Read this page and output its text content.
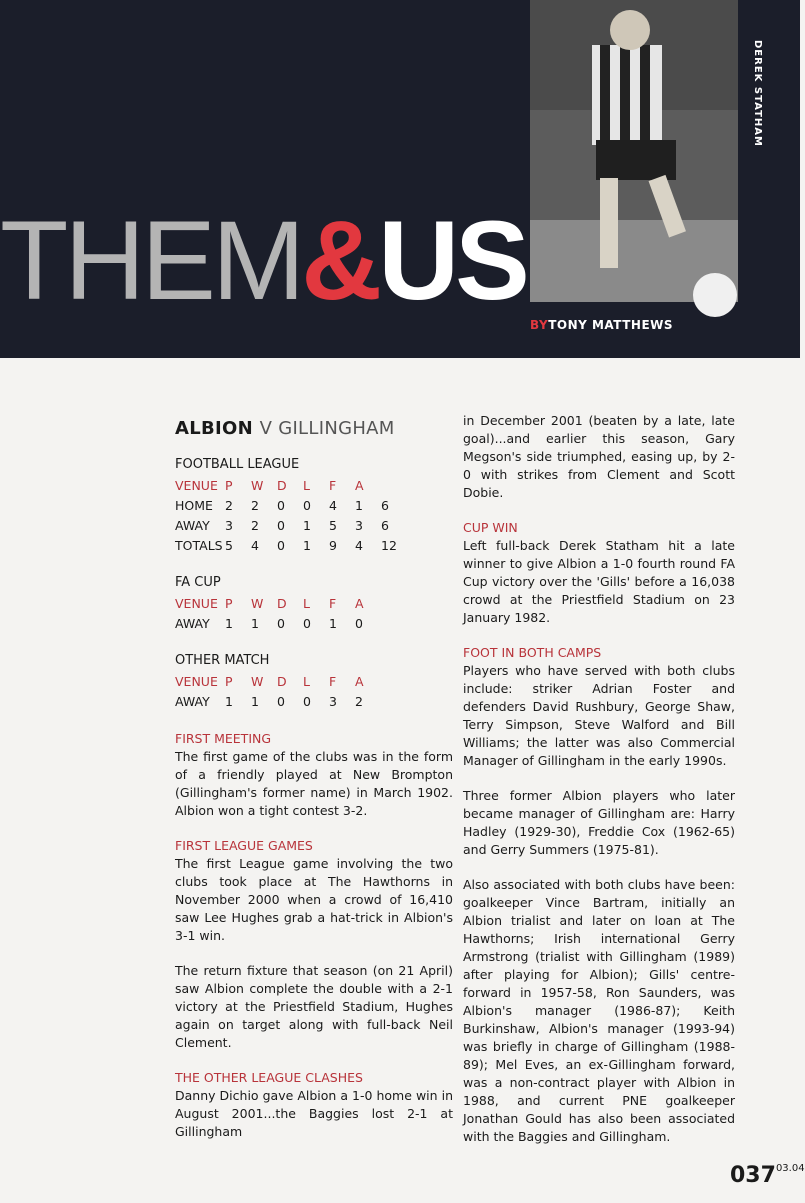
DEREK STATHAM
THEM&US
BYTONY MATTHEWS
ALBION V GILLINGHAM
FOOTBALL LEAGUE
VENUE	P	W	D	L	F	A	
HOME	2	2	0	0	4	1	6
AWAY	3	2	0	1	5	3	6
TOTALS	5	4	0	1	9	4	12
FA CUP
VENUE	P	W	D	L	F	A
AWAY	1	1	0	0	1	0
OTHER MATCH
VENUE	P	W	D	L	F	A
AWAY	1	1	0	0	3	2
FIRST MEETING

The first game of the clubs was in the form of a friendly played at New Brompton (Gillingham's former name) in March 1902. Albion won a tight contest 3-2.

FIRST LEAGUE GAMES

The first League game involving the two clubs took place at The Hawthorns in November 2000 when a crowd of 16,410 saw Lee Hughes grab a hat-trick in Albion's 3-1 win.

The return fixture that season (on 21 April) saw Albion complete the double with a 2-1 victory at the Priestfield Stadium, Hughes again on target along with full-back Neil Clement.

THE OTHER LEAGUE CLASHES

Danny Dichio gave Albion a 1-0 home win in August 2001...the Baggies lost 2-1 at Gillingham

in December 2001 (beaten by a late, late goal)...and earlier this season, Gary Megson's side triumphed, easing up, by 2-0 with strikes from Clement and Scott Dobie.

CUP WIN

Left full-back Derek Statham hit a late winner to give Albion a 1-0 fourth round FA Cup victory over the 'Gills' before a 16,038 crowd at the Priestfield Stadium on 23 January 1982.

FOOT IN BOTH CAMPS

Players who have served with both clubs include: striker Adrian Foster and defenders David Rushbury, George Shaw, Terry Simpson, Steve Walford and Bill Williams; the latter was also Commercial Manager of Gillingham in the early 1990s.

Three former Albion players who later became manager of Gillingham are: Harry Hadley (1929-30), Freddie Cox (1962-65) and Gerry Summers (1975-81).

Also associated with both clubs have been: goalkeeper Vince Bartram, initially an Albion trialist and later on loan at The Hawthorns; Irish international Gerry Armstrong (trialist with Gillingham (1989) after playing for Albion); Gills' centre-forward in 1957-58, Ron Saunders, was Albion's manager (1986-87); Keith Burkinshaw, Albion's manager (1993-94) was briefly in charge of Gillingham (1988-89); Mel Eves, an ex-Gillingham forward, was a non-contract player with Albion in 1988, and current PNE goalkeeper Jonathan Gould has also been associated with the Baggies and Gillingham.

$037^{03.04}$
